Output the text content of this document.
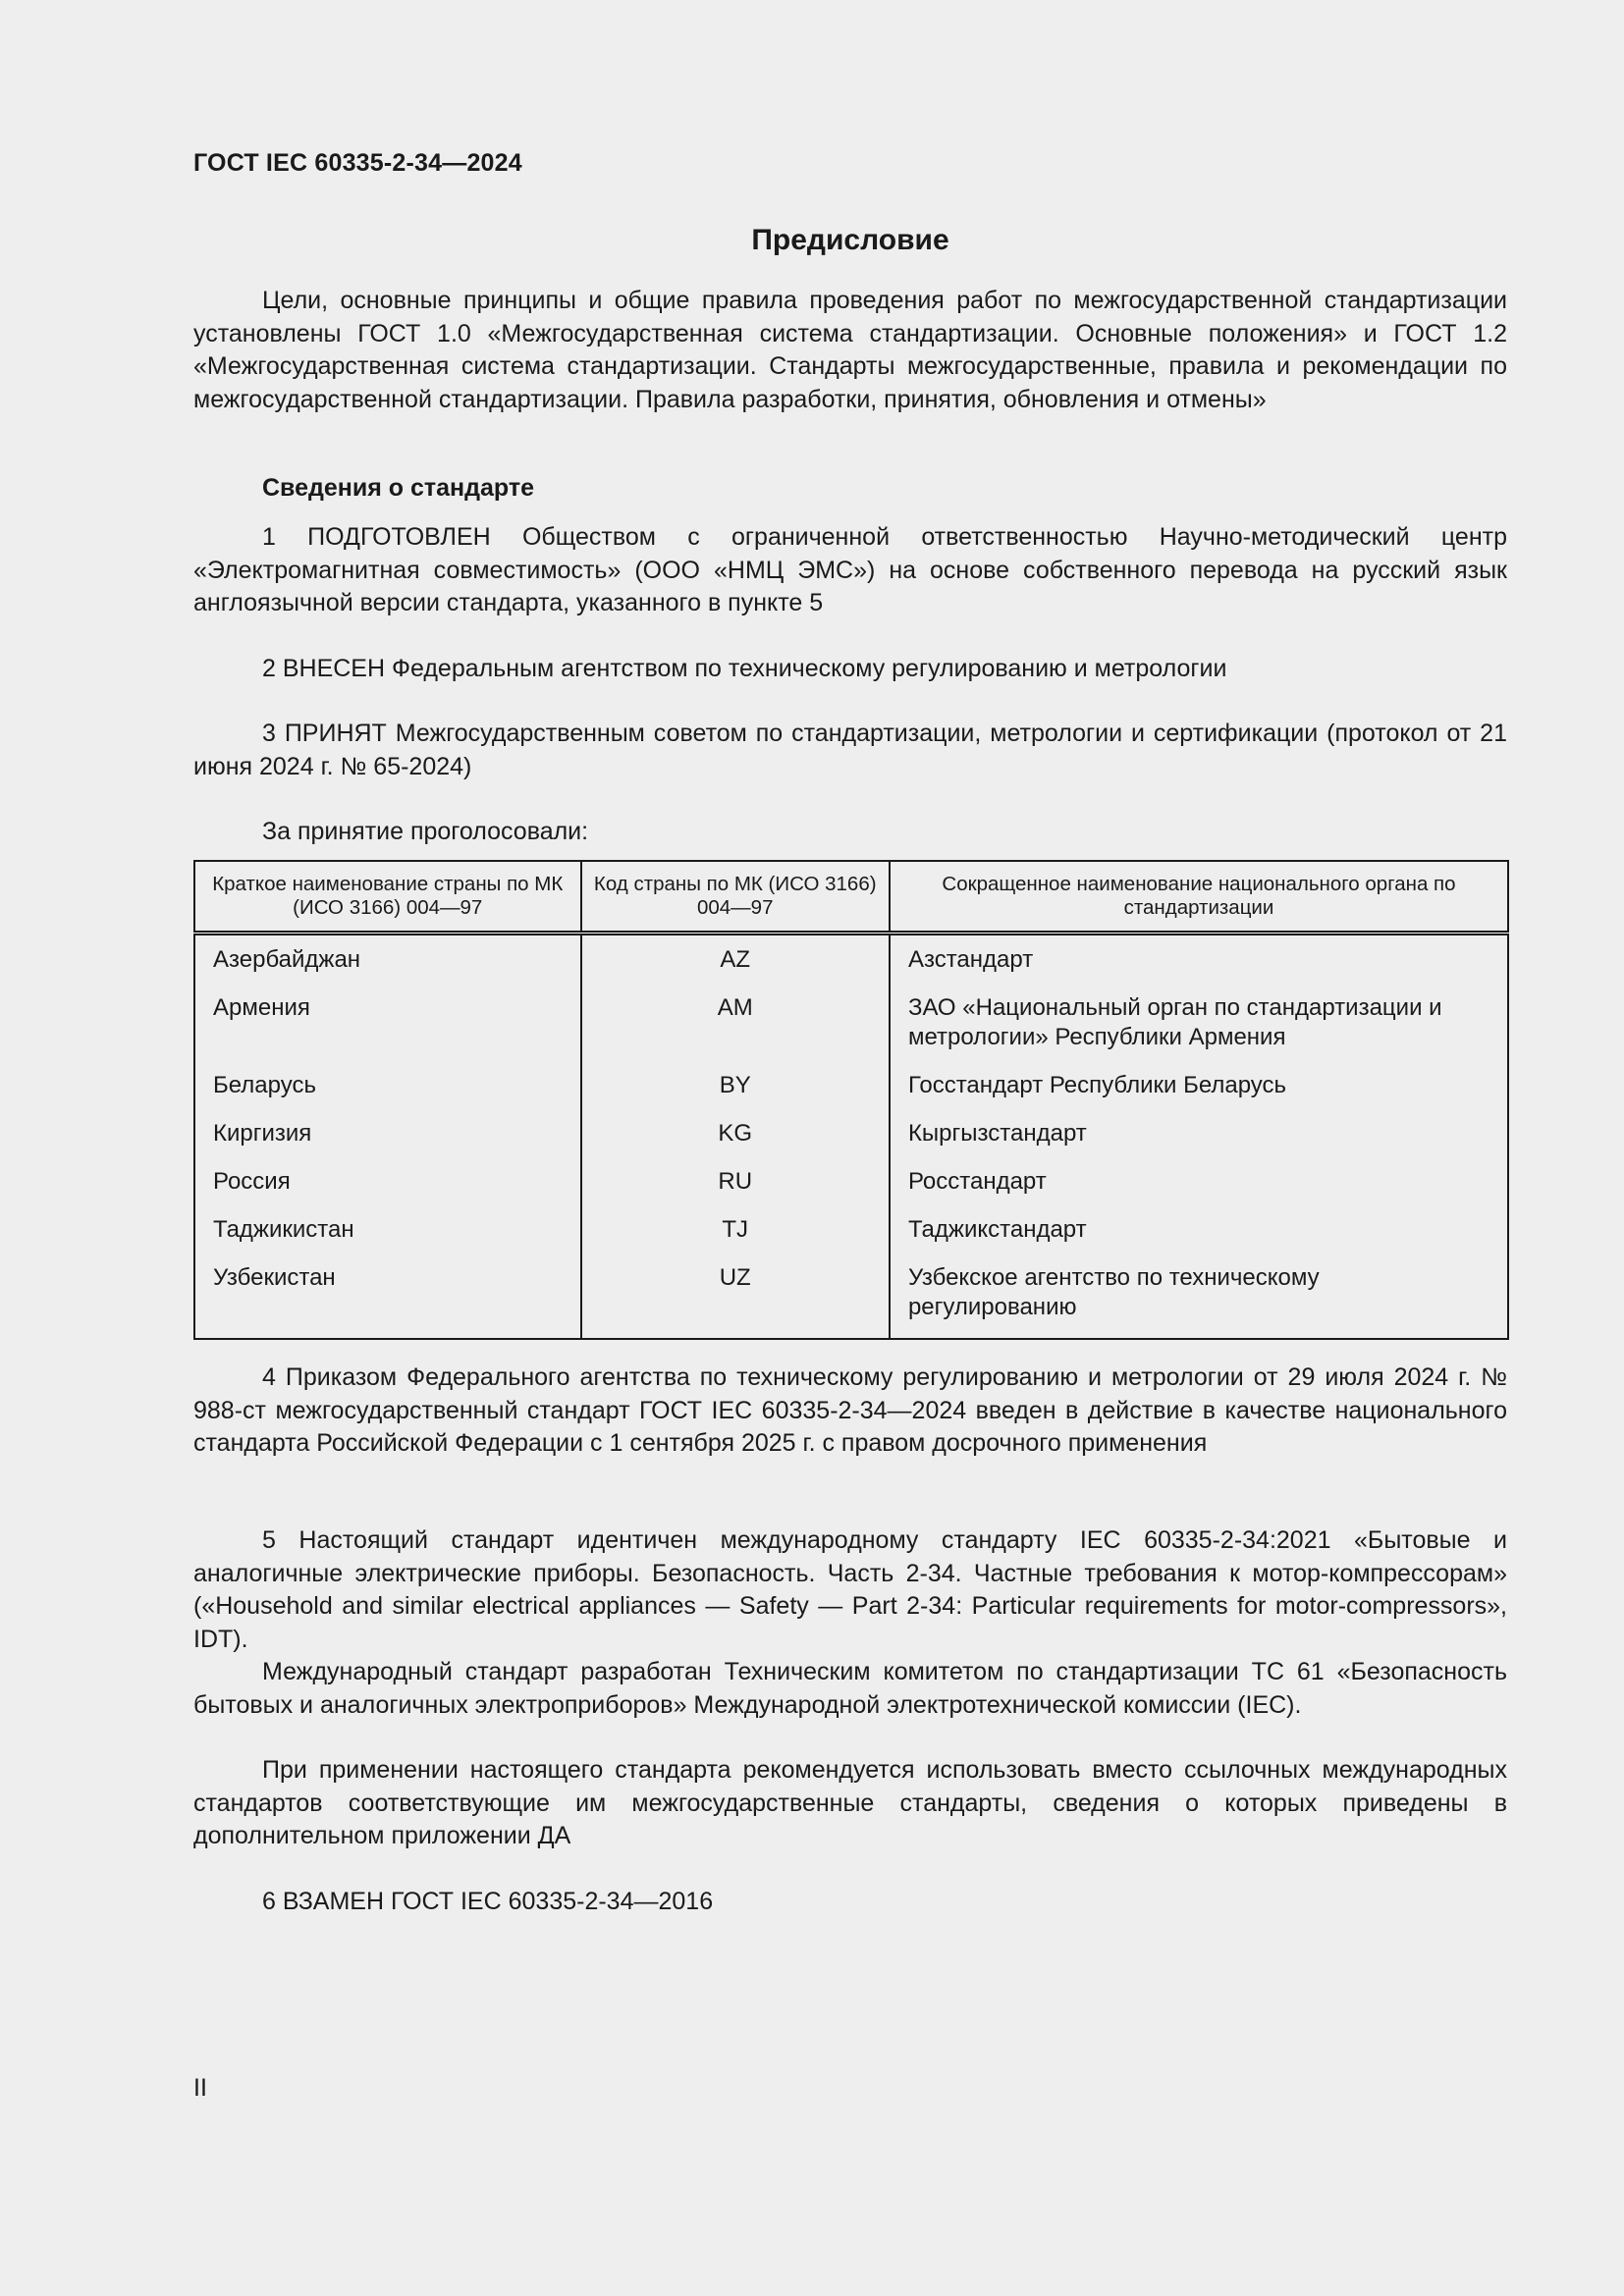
ГОСТ IEC 60335-2-34—2024
Предисловие
Цели, основные принципы и общие правила проведения работ по межгосударственной стандартизации установлены ГОСТ 1.0 «Межгосударственная система стандартизации. Основные положения» и ГОСТ 1.2 «Межгосударственная система стандартизации. Стандарты межгосударственные, правила и рекомендации по межгосударственной стандартизации. Правила разработки, принятия, обновления и отмены»
Сведения о стандарте
1 ПОДГОТОВЛЕН Обществом с ограниченной ответственностью Научно-методический центр «Электромагнитная совместимость» (ООО «НМЦ ЭМС») на основе собственного перевода на русский язык англоязычной версии стандарта, указанного в пункте 5
2 ВНЕСЕН Федеральным агентством по техническому регулированию и метрологии
3 ПРИНЯТ Межгосударственным советом по стандартизации, метрологии и сертификации (протокол от 21 июня 2024 г. № 65-2024)
За принятие проголосовали:
Краткое наименование страны по МК (ИСО 3166) 004—97	Код страны по МК (ИСО 3166) 004—97	Сокращенное наименование национального органа по стандартизации
Азербайджан	AZ	Азстандарт
Армения	AM	ЗАО «Национальный орган по стандартизации и метрологии» Республики Армения
Беларусь	BY	Госстандарт Республики Беларусь
Киргизия	KG	Кыргызстандарт
Россия	RU	Росстандарт
Таджикистан	TJ	Таджикстандарт
Узбекистан	UZ	Узбекское агентство по техническому регулированию
4 Приказом Федерального агентства по техническому регулированию и метрологии от 29 июля 2024 г. № 988-ст межгосударственный стандарт ГОСТ IEC 60335-2-34—2024 введен в действие в качестве национального стандарта Российской Федерации с 1 сентября 2025 г. с правом досрочного применения
5 Настоящий стандарт идентичен международному стандарту IEC 60335-2-34:2021 «Бытовые и аналогичные электрические приборы. Безопасность. Часть 2-34. Частные требования к мотор-компрессорам» («Household and similar electrical appliances — Safety — Part 2-34: Particular requirements for motor-compressors», IDT).
Международный стандарт разработан Техническим комитетом по стандартизации TC 61 «Безопасность бытовых и аналогичных электроприборов» Международной электротехнической комиссии (IEC).
При применении настоящего стандарта рекомендуется использовать вместо ссылочных международных стандартов соответствующие им межгосударственные стандарты, сведения о которых приведены в дополнительном приложении ДА
6 ВЗАМЕН ГОСТ IEC 60335-2-34—2016
II
